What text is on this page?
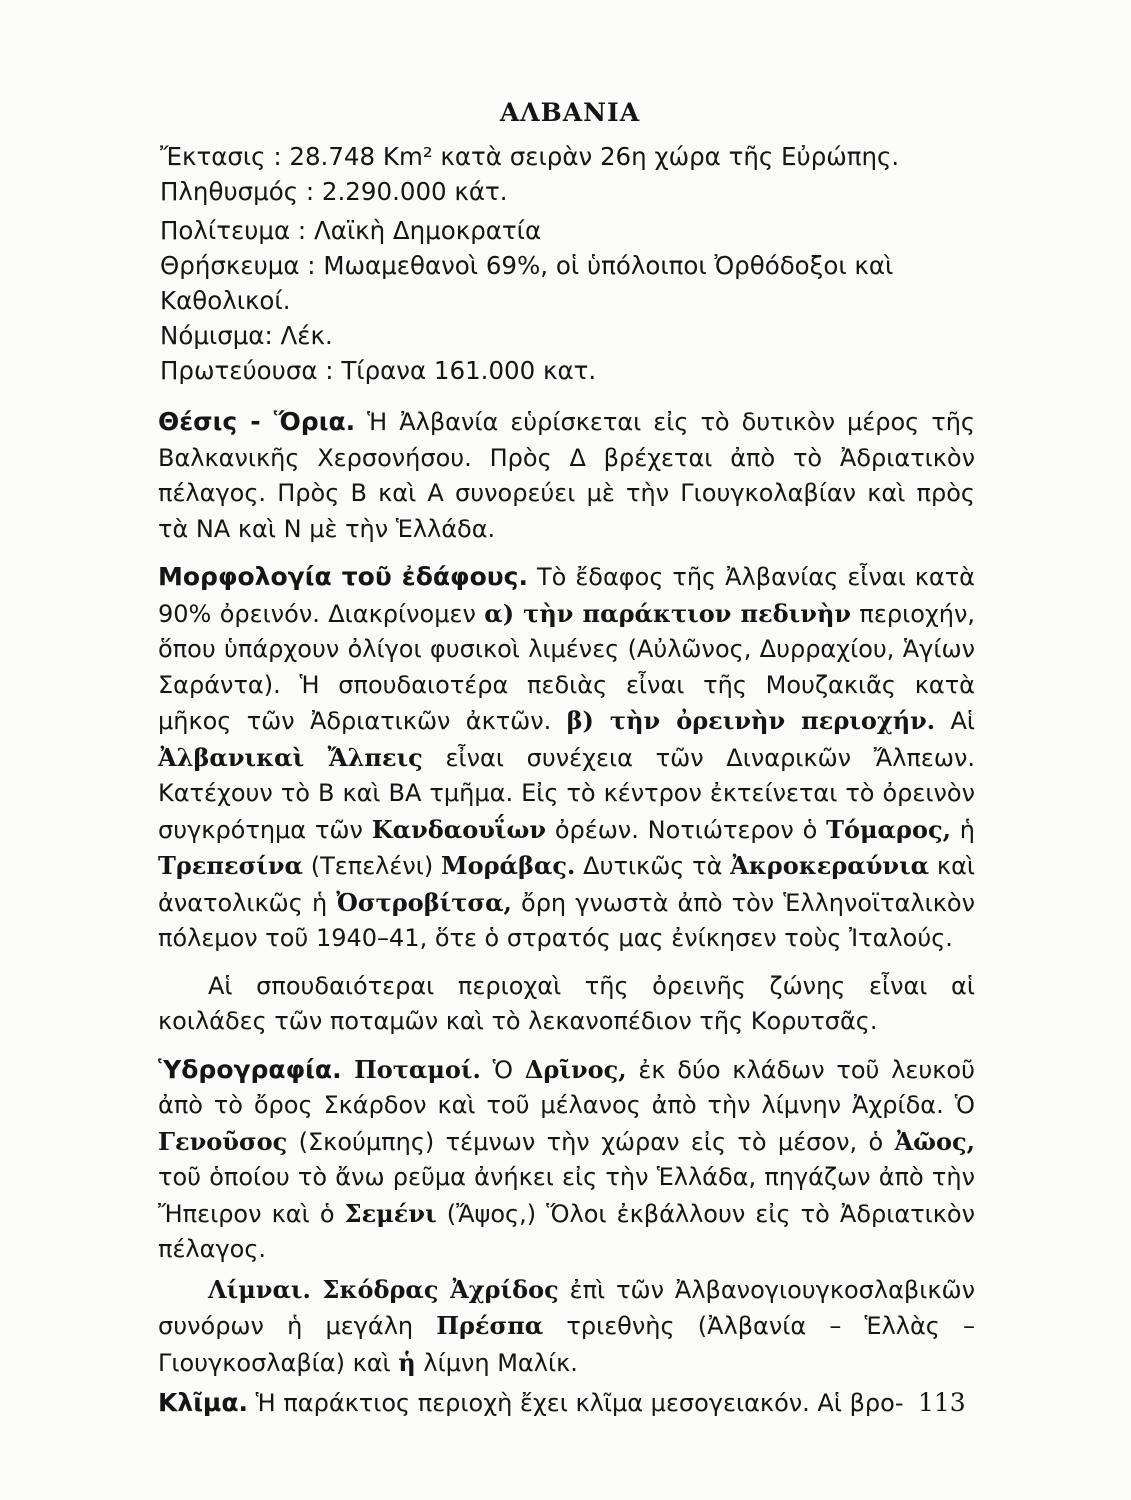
ΑΛΒΑΝΙΑ

Ἔκτασις : 28.748 Km² κατὰ σειρὰν 26η χώρα τῆς Εὐρώπης.

Πληθυσμός : 2.290.000 κάτ.

Πολίτευμα : Λαϊκὴ Δημοκρατία

Θρήσκευμα : Μωαμεθανοὶ 69%, οἱ ὑπόλοιποι Ὀρθόδοξοι καὶ Καθολικοί.

Νόμισμα: Λέκ.

Πρωτεύουσα : Τίρανα 161.000 κατ.

Θέσις - Ὅρια. Ἡ Ἀλβανία εὑρίσκεται εἰς τὸ δυτικὸν μέρος τῆς Βαλκανικῆς Χερσονήσου. Πρὸς Δ βρέχεται ἀπὸ τὸ Ἀδριατικὸν πέλαγος. Πρὸς Β καὶ Α συνορεύει μὲ τὴν Γιουγκολαβίαν καὶ πρὸς τὰ ΝΑ καὶ Ν μὲ τὴν Ἑλλάδα.

Μορφολογία τοῦ ἐδάφους. Τὸ ἔδαφος τῆς Ἀλβανίας εἶναι κατὰ 90% ὀρεινόν. Διακρίνομεν α) τὴν παράκτιον πεδινὴν περιοχήν, ὅπου ὑπάρχουν ὀλίγοι φυσικοὶ λιμένες (Αὐλῶνος, Δυρραχίου, Ἁγίων Σαράντα). Ἡ σπουδαιοτέρα πεδιὰς εἶναι τῆς Μουζακιᾶς κατὰ μῆκος τῶν Ἀδριατικῶν ἀκτῶν. β) τὴν ὀρεινὴν περιοχήν. Αἱ Ἀλβανικαὶ Ἄλπεις εἶναι συνέχεια τῶν Διναρικῶν Ἄλπεων. Κατέχουν τὸ Β καὶ ΒΑ τμῆμα. Εἰς τὸ κέντρον ἐκτείνεται τὸ ὀρεινὸν συγκρότημα τῶν Κανδαουΐων ὀρέων. Νοτιώτερον ὁ Τόμαρος, ἡ Τρεπεσίνα (Τεπελένι) Μοράβας. Δυτικῶς τὰ Ἀκροκεραύνια καὶ ἀνατολικῶς ἡ Ὀστροβίτσα, ὄρη γνωστὰ ἀπὸ τὸν Ἑλληνοϊταλικὸν πόλεμον τοῦ 1940–41, ὅτε ὁ στρατός μας ἐνίκησεν τοὺς Ἰταλούς.

Αἱ σπουδαιότεραι περιοχαὶ τῆς ὀρεινῆς ζώνης εἶναι αἱ κοιλάδες τῶν ποταμῶν καὶ τὸ λεκανοπέδιον τῆς Κορυτσᾶς.

Ὑδρογραφία. Ποταμοί. Ὁ Δρῖνος, ἐκ δύο κλάδων τοῦ λευκοῦ ἀπὸ τὸ ὄρος Σκάρδον καὶ τοῦ μέλανος ἀπὸ τὴν λίμνην Ἀχρίδα. Ὁ Γενοῦσος (Σκούμπης) τέμνων τὴν χώραν εἰς τὸ μέσον, ὁ Ἀῶος, τοῦ ὁποίου τὸ ἄνω ρεῦμα ἀνήκει εἰς τὴν Ἑλλάδα, πηγάζων ἀπὸ τὴν Ἤπειρον καὶ ὁ Σεμένι (Ἄψος,) Ὅλοι ἐκβάλλουν εἰς τὸ Ἀδριατικὸν πέλαγος.

Λίμναι. Σκόδρας Ἀχρίδος ἐπὶ τῶν Ἀλβανογιουγκοσλαβικῶν συνόρων ἡ μεγάλη Πρέσπα τριεθνὴς (Ἀλβανία – Ἑλλὰς – Γιουγκοσλαβία) καὶ ἡ λίμνη Μαλίκ.

Κλῖμα. Ἡ παράκτιος περιοχὴ ἔχει κλῖμα μεσογειακόν. Αἱ βρο- 113
